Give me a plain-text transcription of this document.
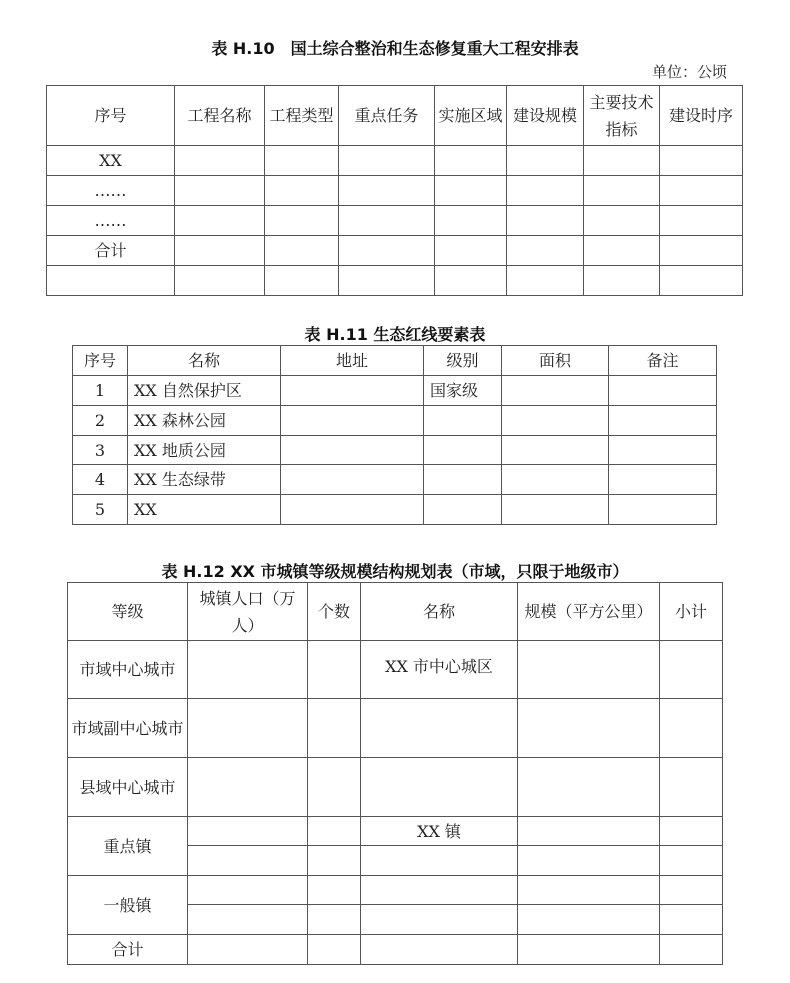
表 H.10　国土综合整治和生态修复重大工程安排表
单位：公顷
序号	工程名称	工程类型	重点任务	实施区域	建设规模	主要技术指标	建设时序
XX							
……							
……							
合计							

表 H.11 生态红线要素表
序号	名称	地址	级别	面积	备注
1	XX 自然保护区		国家级		
2	XX 森林公园				
3	XX 地质公园				
4	XX 生态绿带				
5	XX				
表 H.12 XX 市城镇等级规模结构规划表（市域，只限于地级市）
等级	城镇人口（万人）	个数	名称	规模（平方公里）	小计
市域中心城市			XX 市中心城区		
市域副中心城市					
县域中心城市					
重点镇			XX 镇		

一般镇					

合计					
